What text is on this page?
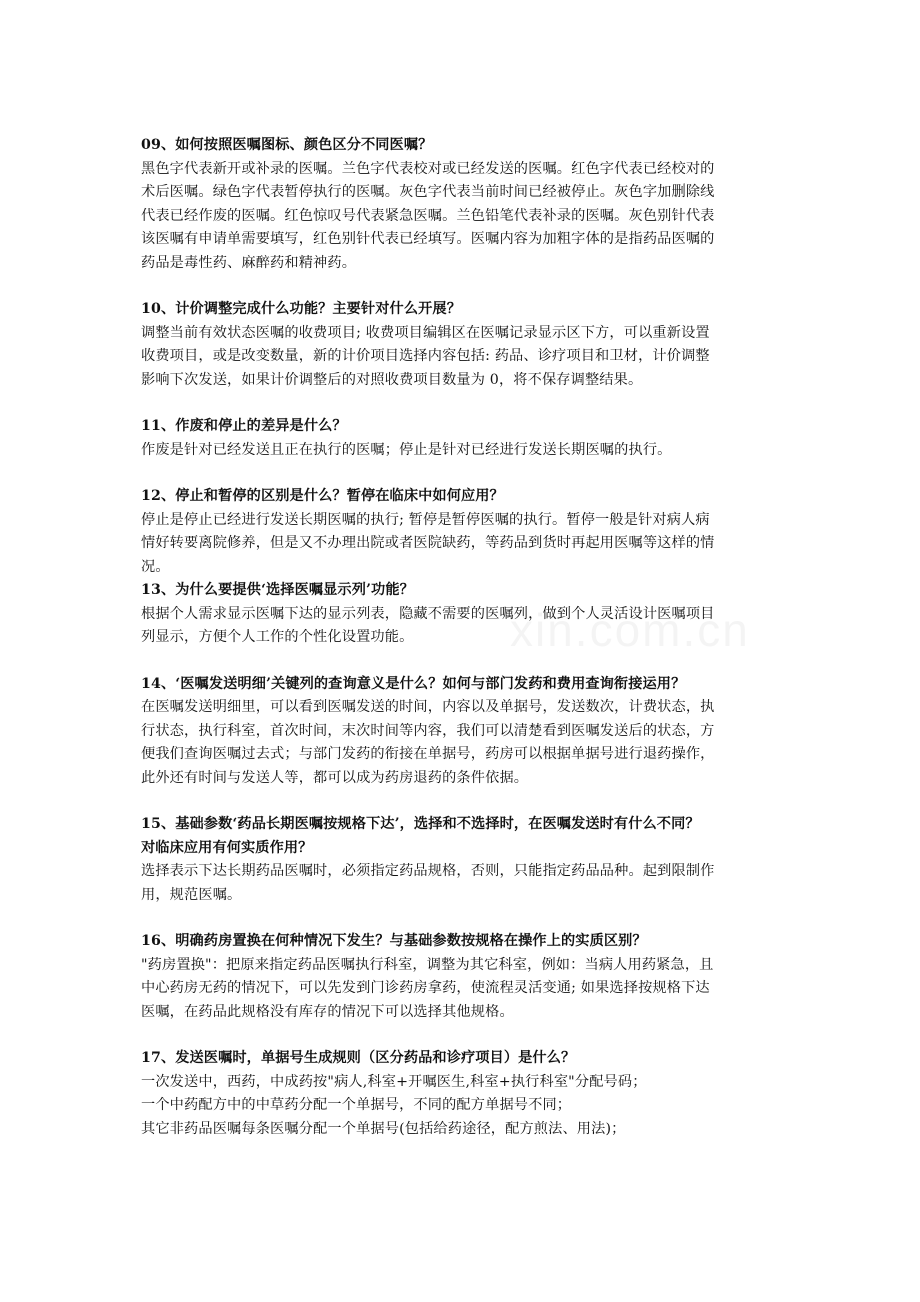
09、如何按照医嘱图标、颜色区分不同医嘱？

黑色字代表新开或补录的医嘱。兰色字代表校对或已经发送的医嘱。红色字代表已经校对的
术后医嘱。绿色字代表暂停执行的医嘱。灰色字代表当前时间已经被停止。灰色字加删除线
代表已经作废的医嘱。红色惊叹号代表紧急医嘱。兰色铅笔代表补录的医嘱。灰色别针代表
该医嘱有申请单需要填写，红色别针代表已经填写。医嘱内容为加粗字体的是指药品医嘱的
药品是毒性药、麻醉药和精神药。

10、计价调整完成什么功能？主要针对什么开展？

调整当前有效状态医嘱的收费项目; 收费项目编辑区在医嘱记录显示区下方，可以重新设置
收费项目，或是改变数量，新的计价项目选择内容包括: 药品、诊疗项目和卫材，计价调整
影响下次发送，如果计价调整后的对照收费项目数量为 0，将不保存调整结果。

11、作废和停止的差异是什么？

作废是针对已经发送且正在执行的医嘱；停止是针对已经进行发送长期医嘱的执行。

12、停止和暂停的区别是什么？暂停在临床中如何应用？

停止是停止已经进行发送长期医嘱的执行; 暂停是暂停医嘱的执行。暂停一般是针对病人病
情好转要离院修养，但是又不办理出院或者医院缺药，等药品到货时再起用医嘱等这样的情
况。

13、为什么要提供‘选择医嘱显示列’功能？

根据个人需求显示医嘱下达的显示列表，隐藏不需要的医嘱列，做到个人灵活设计医嘱项目
列显示，方便个人工作的个性化设置功能。

14、‘医嘱发送明细’关键列的查询意义是什么？如何与部门发药和费用查询衔接运用？

在医嘱发送明细里，可以看到医嘱发送的时间，内容以及单据号，发送数次，计费状态，执
行状态，执行科室，首次时间，末次时间等内容，我们可以清楚看到医嘱发送后的状态，方
便我们查询医嘱过去式；与部门发药的衔接在单据号，药房可以根据单据号进行退药操作，
此外还有时间与发送人等，都可以成为药房退药的条件依据。

15、基础参数‘药品长期医嘱按规格下达’，选择和不选择时，在医嘱发送时有什么不同？

对临床应用有何实质作用？

选择表示下达长期药品医嘱时，必须指定药品规格，否则，只能指定药品品种。起到限制作
用，规范医嘱。

16、明确药房置换在何种情况下发生？与基础参数按规格在操作上的实质区别？

"药房置换"：把原来指定药品医嘱执行科室，调整为其它科室，例如：当病人用药紧急，且
中心药房无药的情况下，可以先发到门诊药房拿药，使流程灵活变通; 如果选择按规格下达
医嘱，在药品此规格没有库存的情况下可以选择其他规格。

17、发送医嘱时，单据号生成规则（区分药品和诊疗项目）是什么？

一次发送中，西药，中成药按"病人,科室+开嘱医生,科室+执行科室"分配号码；
一个中药配方中的中草药分配一个单据号，不同的配方单据号不同；
其它非药品医嘱每条医嘱分配一个单据号(包括给药途径，配方煎法、用法)；
